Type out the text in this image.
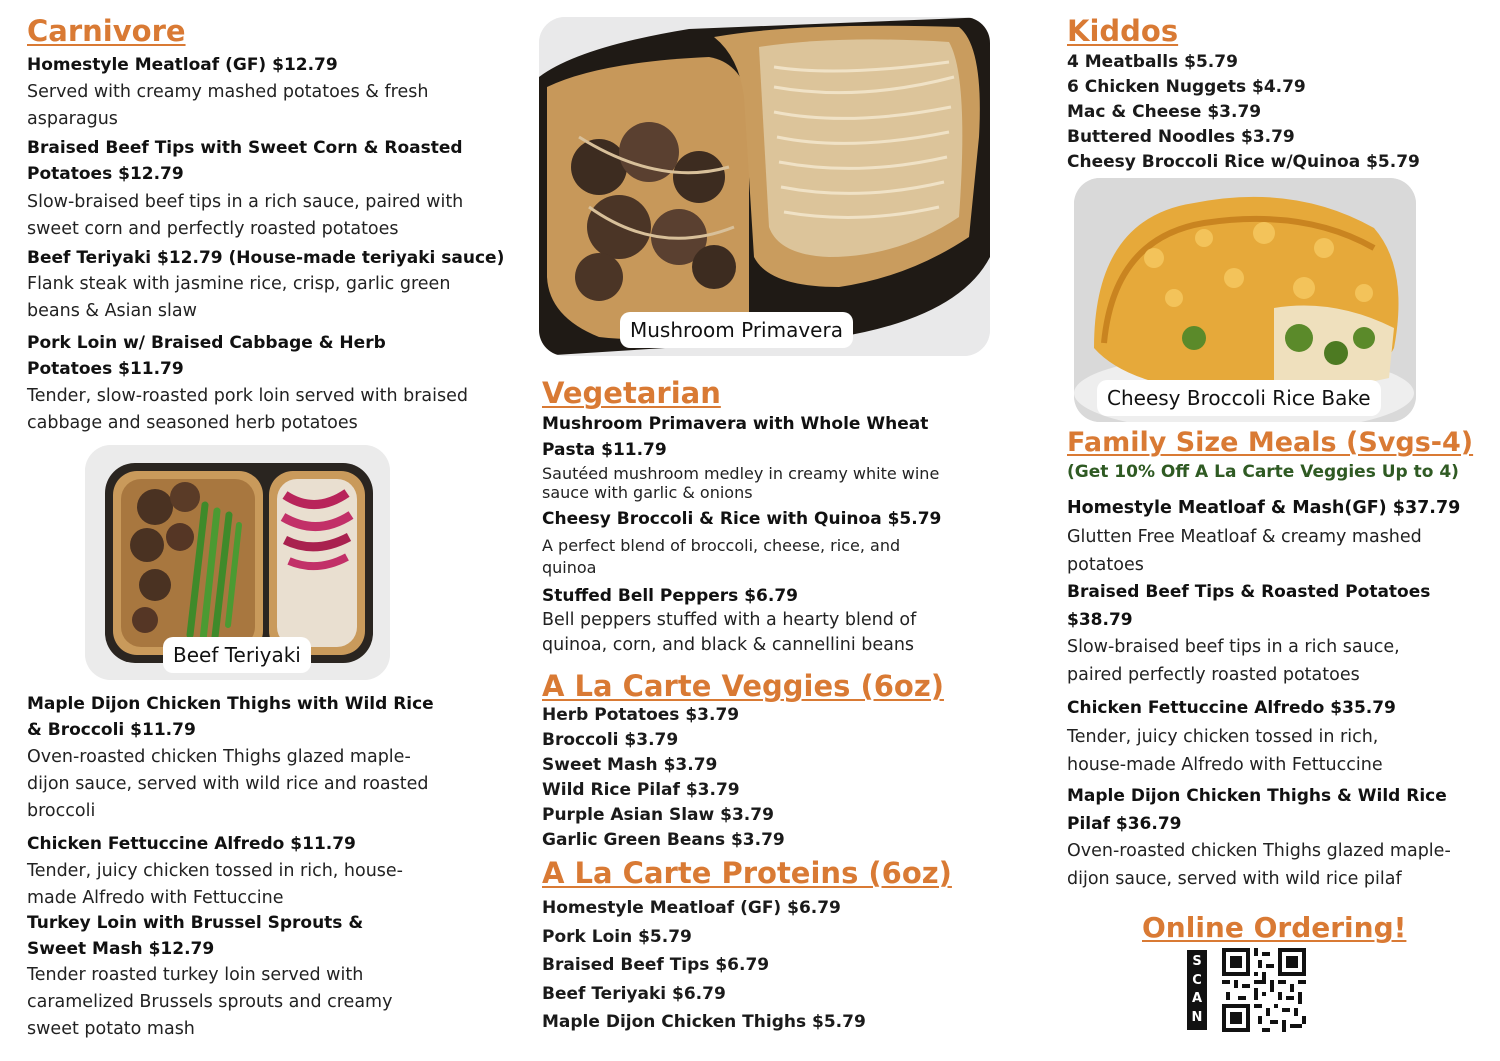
Carnivore
Homestyle Meatloaf (GF) $12.79
Served with creamy mashed potatoes & fresh asparagus
Braised Beef Tips with Sweet Corn & Roasted Potatoes $12.79
Slow-braised beef tips in a rich sauce, paired with sweet corn and perfectly roasted potatoes
Beef Teriyaki $12.79 (House-made teriyaki sauce)
Flank steak with jasmine rice, crisp, garlic green beans & Asian slaw
Pork Loin w/ Braised Cabbage & Herb Potatoes $11.79
Tender, slow-roasted pork loin served with braised cabbage and seasoned herb potatoes
Maple Dijon Chicken Thighs with Wild Rice & Broccoli $11.79
Oven-roasted chicken Thighs glazed maple-dijon sauce, served with wild rice and roasted broccoli
Chicken Fettuccine Alfredo $11.79
Tender, juicy chicken tossed in rich, house-made Alfredo with Fettuccine
Turkey Loin with Brussel Sprouts & Sweet Mash $12.79
Tender roasted turkey loin served with caramelized Brussels sprouts and creamy sweet potato mash
Beef Teriyaki
Mushroom Primavera
Vegetarian
Mushroom Primavera with Whole Wheat Pasta $11.79
Sautéed mushroom medley in creamy white wine sauce with garlic & onions
Cheesy Broccoli & Rice with Quinoa $5.79
A perfect blend of broccoli, cheese, rice, and quinoa
Stuffed Bell Peppers $6.79
Bell peppers stuffed with a hearty blend of quinoa, corn, and black & cannellini beans
A La Carte Veggies (6oz)
Herb Potatoes $3.79
Broccoli $3.79
Sweet Mash $3.79
Wild Rice Pilaf $3.79
Purple Asian Slaw $3.79
Garlic Green Beans $3.79
A La Carte Proteins (6oz)
Homestyle Meatloaf (GF) $6.79
Pork Loin $5.79
Braised Beef Tips $6.79
Beef Teriyaki $6.79
Maple Dijon Chicken Thighs $5.79
Kiddos
4 Meatballs $5.79
6 Chicken Nuggets $4.79
Mac & Cheese $3.79
Buttered Noodles $3.79
Cheesy Broccoli Rice w/Quinoa $5.79
Family Size Meals (Svgs-4)
(Get 10% Off A La Carte Veggies Up to 4)
Homestyle Meatloaf & Mash(GF) $37.79
Glutten Free Meatloaf & creamy mashed potatoes
Braised Beef Tips & Roasted Potatoes $38.79
Slow-braised beef tips in a rich sauce, paired perfectly roasted potatoes
Chicken Fettuccine Alfredo $35.79
Tender, juicy chicken tossed in rich, house-made Alfredo with Fettuccine
Maple Dijon Chicken Thighs & Wild Rice Pilaf $36.79
Oven-roasted chicken Thighs glazed maple-dijon sauce, served with wild rice pilaf
Online Ordering!
Cheesy Broccoli Rice Bake
S
C
A
N
